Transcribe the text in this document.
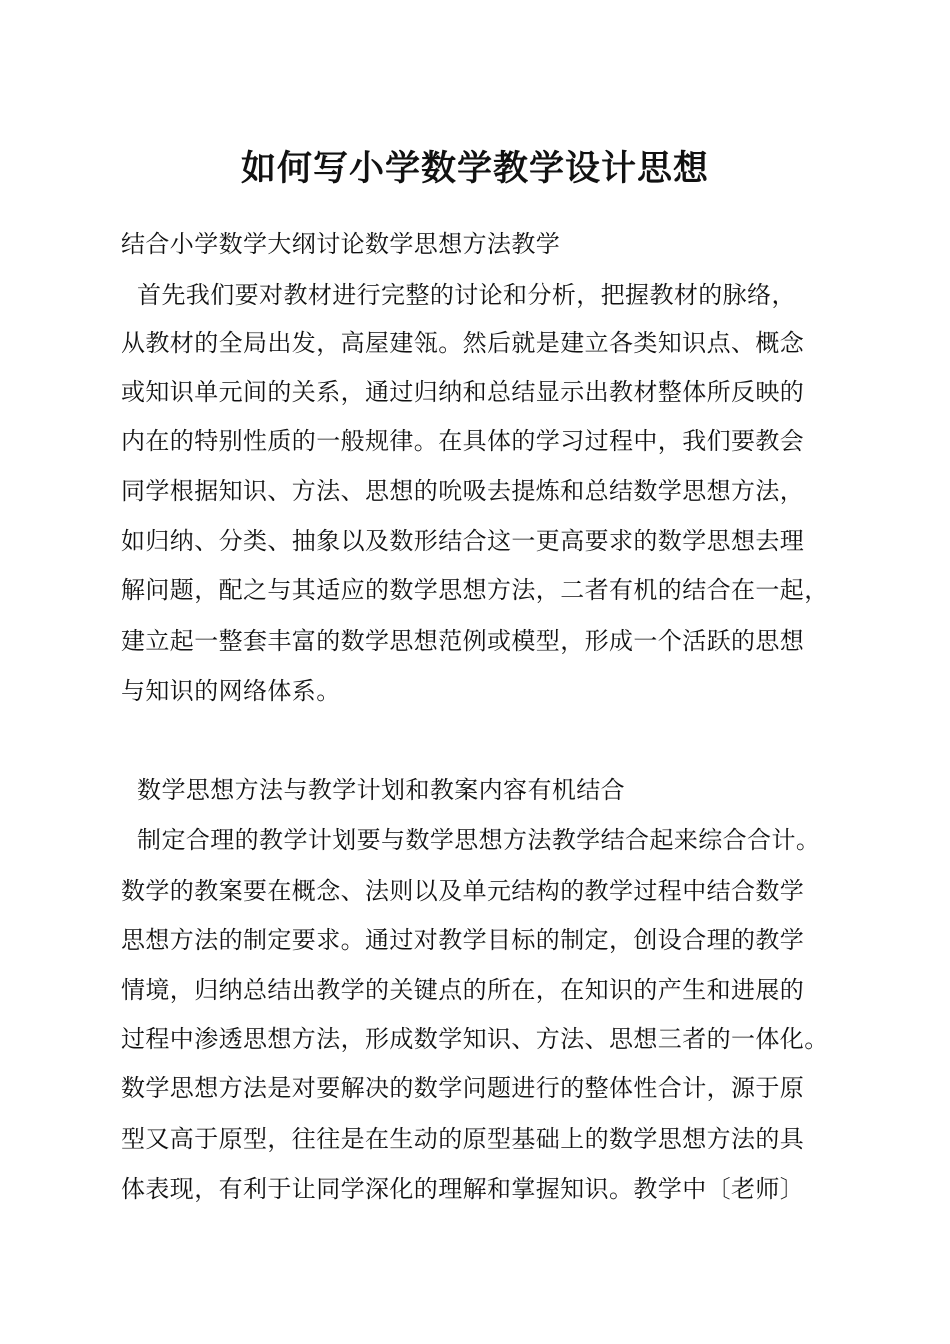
如何写小学数学教学设计思想
结合小学数学大纲讨论数学思想方法教学
首先我们要对教材进行完整的讨论和分析，把握教材的脉络，
从教材的全局出发，高屋建瓴。然后就是建立各类知识点、概念
或知识单元间的关系，通过归纳和总结显示出教材整体所反映的
内在的特别性质的一般规律。在具体的学习过程中，我们要教会
同学根据知识、方法、思想的吮吸去提炼和总结数学思想方法，
如归纳、分类、抽象以及数形结合这一更高要求的数学思想去理
解问题，配之与其适应的数学思想方法，二者有机的结合在一起，
建立起一整套丰富的数学思想范例或模型，形成一个活跃的思想
与知识的网络体系。
数学思想方法与教学计划和教案内容有机结合
制定合理的教学计划要与数学思想方法教学结合起来综合合计。
数学的教案要在概念、法则以及单元结构的教学过程中结合数学
思想方法的制定要求。通过对教学目标的制定，创设合理的教学
情境，归纳总结出教学的关键点的所在，在知识的产生和进展的
过程中渗透思想方法，形成数学知识、方法、思想三者的一体化。
数学思想方法是对要解决的数学问题进行的整体性合计，源于原
型又高于原型，往往是在生动的原型基础上的数学思想方法的具
体表现，有利于让同学深化的理解和掌握知识。教学中〔老师〕
